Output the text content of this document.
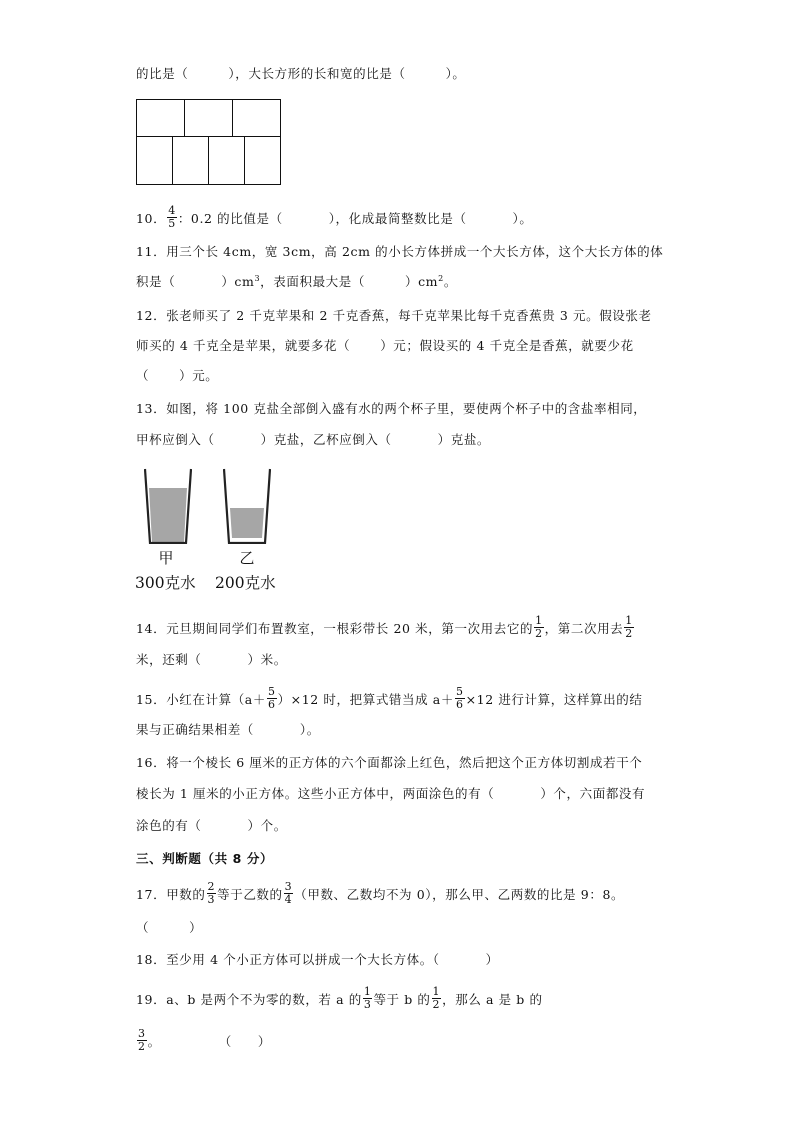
的比是（	），大长方形的长和宽的比是（	）。
10． $\frac{4}{5}$ ：0.2 的比值是（	），化成最简整数比是（	）。
11．用三个长 4cm，宽 3cm，高 2cm 的小长方体拼成一个大长方体，这个大长方体的体
积是（	）$cm^3$，表面积最大是（	）$cm^2$。
12．张老师买了 2 千克苹果和 2 千克香蕉，每千克苹果比每千克香蕉贵 3 元。假设张老
师买的 4 千克全是苹果，就要多花（ ）元；假设买的 4 千克全是香蕉，就要少花
（ ）元。
13．如图，将 100 克盐全部倒入盛有水的两个杯子里，要使两个杯子中的含盐率相同，
甲杯应倒入（	）克盐，乙杯应倒入（	）克盐。
甲	乙
300克水 200克水
14．元旦期间同学们布置教室，一根彩带长 20 米，第一次用去它的 $\frac{1}{2}$ ，第二次用去 $\frac{1}{2}$
米，还剩（	）米。
15．小红在计算$(a+ \frac{5}{6} )\times 12$ 时，把算式错当成 $a+ \frac{5}{6} \times 12$ 进行计算，这样算出的结
果与正确结果相差（	）。
16．将一个棱长 6 厘米的正方体的六个面都涂上红色，然后把这个正方体切割成若干个
棱长为 1 厘米的小正方体。这些小正方体中，两面涂色的有（	）个，六面都没有
涂色的有（	）个。
三、判断题（共 8 分）
17．甲数的 $\frac{2}{3}$ 等于乙数的 $\frac{3}{4}$ （甲数、乙数均不为 0），那么甲、乙两数的比是 9：8。
（	）
18．至少用 4 个小正方体可以拼成一个大长方体。（	）
19．a、b 是两个不为零的数，若 a 的 $\frac{1}{3}$ 等于 b 的 $\frac{1}{2}$ ，那么 a 是 b 的
$\frac{3}{2}$ 。	（ ）
